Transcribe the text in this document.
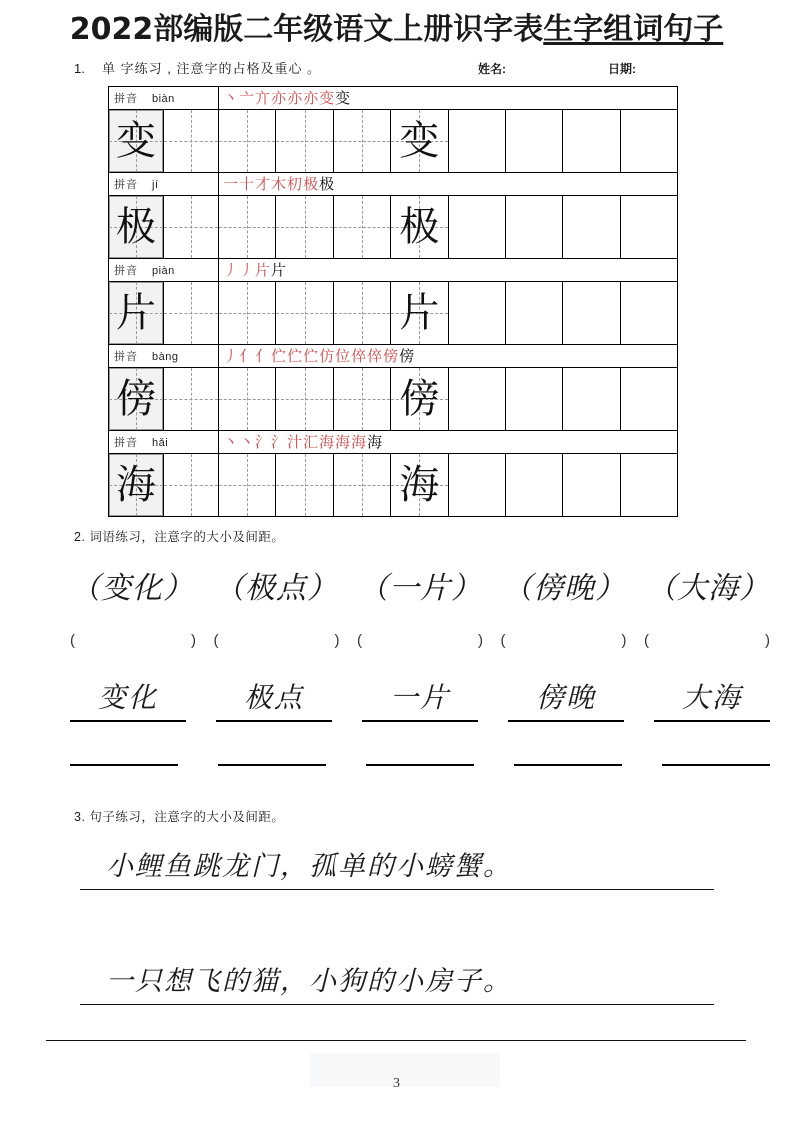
2022部编版二年级语文上册识字表生字组词句子
1. 单 字练习 , 注意字的占格及重心 。	姓名:	日期:
拼音 biàn		丶亠亣亦亦亦变变							

变					变				

拼音 jí		一十才木朷极极							

极					极				

拼音 piàn		丿丿片片							

片					片				

拼音 bàng		丿亻亻伫伫伫仿位倅倅傍傍							

傍					傍				

拼音 hǎi		丶丶氵氵汁汇海海海海							

海					海				

2. 词语练习，注意字的大小及间距。
（变化） （极点） （一片） （傍晚） （大海）
(	) (	) (	) (	) (	)
变化	极点	一片	傍晚	大海
3. 句子练习，注意字的大小及间距。
小鲤鱼跳龙门，孤单的小螃蟹。
一只想飞的猫，小狗的小房子。
3
